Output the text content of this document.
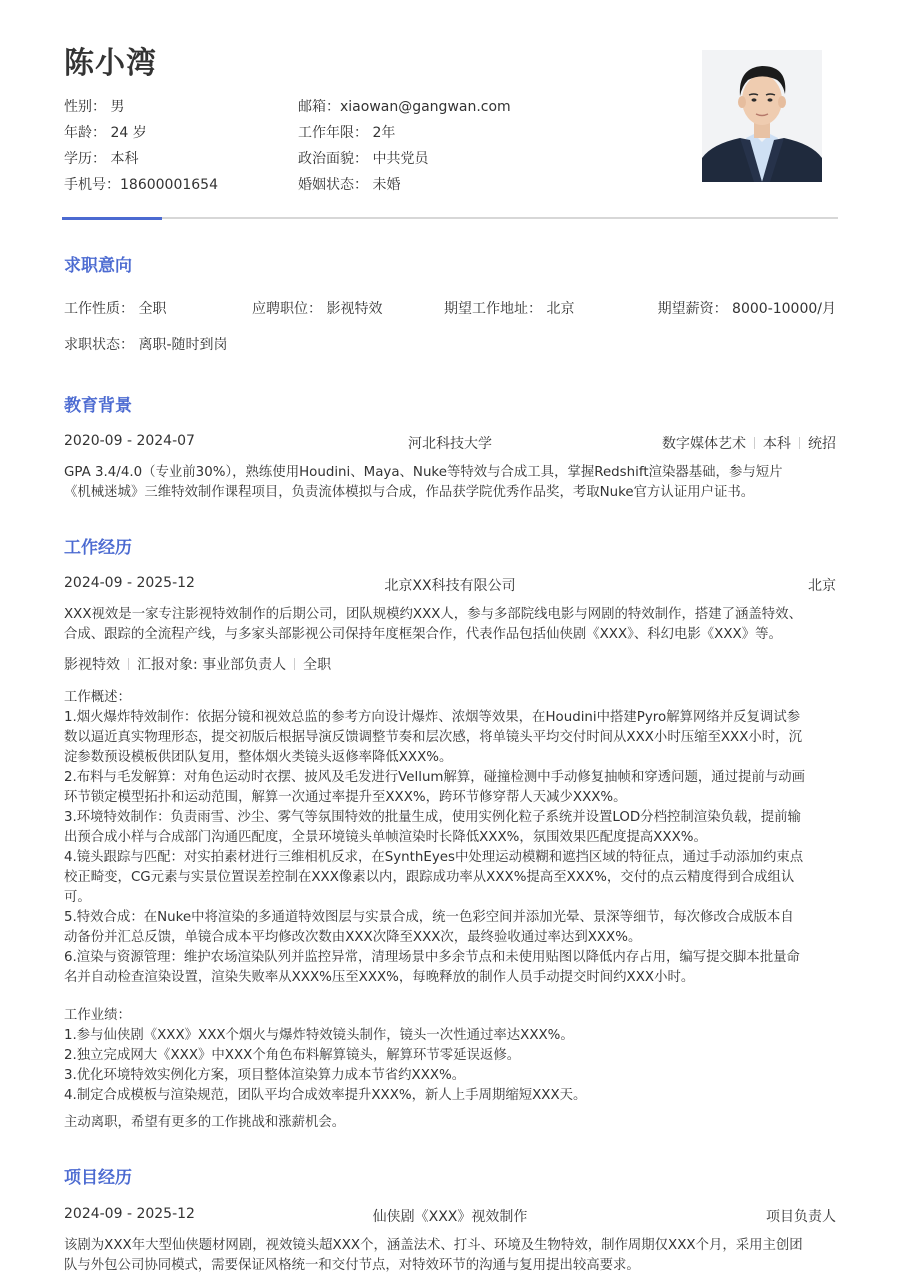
陈小湾
性别： 男
年龄： 24 岁
学历： 本科
手机号：18600001654
邮箱：xiaowan@gangwan.com
工作年限： 2年
政治面貌： 中共党员
婚姻状态： 未婚
求职意向
工作性质： 全职	应聘职位： 影视特效	期望工作地址： 北京	期望薪资： 8000-10000/月
求职状态： 离职-随时到岗
教育背景
2020-09 - 2024-07	河北科技大学	数字媒体艺术 本科 统招
GPA 3.4/4.0（专业前30%），熟练使用Houdini、Maya、Nuke等特效与合成工具，掌握Redshift渲染器基础，参与短片
《机械迷城》三维特效制作课程项目，负责流体模拟与合成，作品获学院优秀作品奖，考取Nuke官方认证用户证书。
工作经历
2024-09 - 2025-12	北京XX科技有限公司	北京
XXX视效是一家专注影视特效制作的后期公司，团队规模约XXX人，参与多部院线电影与网剧的特效制作，搭建了涵盖特效、
合成、跟踪的全流程产线，与多家头部影视公司保持年度框架合作，代表作品包括仙侠剧《XXX》、科幻电影《XXX》等。
影视特效 汇报对象: 事业部负责人 全职
工作概述：
1.烟火爆炸特效制作：依据分镜和视效总监的参考方向设计爆炸、浓烟等效果，在Houdini中搭建Pyro解算网络并反复调试参
数以逼近真实物理形态，提交初版后根据导演反馈调整节奏和层次感，将单镜头平均交付时间从XXX小时压缩至XXX小时，沉
淀参数预设模板供团队复用，整体烟火类镜头返修率降低XXX%。
2.布料与毛发解算：对角色运动时衣摆、披风及毛发进行Vellum解算，碰撞检测中手动修复抽帧和穿透问题，通过提前与动画
环节锁定模型拓扑和运动范围，解算一次通过率提升至XXX%，跨环节修穿帮人天减少XXX%。
3.环境特效制作：负责雨雪、沙尘、雾气等氛围特效的批量生成，使用实例化粒子系统并设置LOD分档控制渲染负载，提前输
出预合成小样与合成部门沟通匹配度，全景环境镜头单帧渲染时长降低XXX%，氛围效果匹配度提高XXX%。
4.镜头跟踪与匹配：对实拍素材进行三维相机反求，在SynthEyes中处理运动模糊和遮挡区域的特征点，通过手动添加约束点
校正畸变，CG元素与实景位置误差控制在XXX像素以内，跟踪成功率从XXX%提高至XXX%，交付的点云精度得到合成组认
可。
5.特效合成：在Nuke中将渲染的多通道特效图层与实景合成，统一色彩空间并添加光晕、景深等细节，每次修改合成版本自
动备份并汇总反馈，单镜合成本平均修改次数由XXX次降至XXX次，最终验收通过率达到XXX%。
6.渲染与资源管理：维护农场渲染队列并监控异常，清理场景中多余节点和未使用贴图以降低内存占用，编写提交脚本批量命
名并自动检查渲染设置，渲染失败率从XXX%压至XXX%，每晚释放的制作人员手动提交时间约XXX小时。
工作业绩：
1.参与仙侠剧《XXX》XXX个烟火与爆炸特效镜头制作，镜头一次性通过率达XXX%。
2.独立完成网大《XXX》中XXX个角色布料解算镜头，解算环节零延误返修。
3.优化环境特效实例化方案，项目整体渲染算力成本节省约XXX%。
4.制定合成模板与渲染规范，团队平均合成效率提升XXX%，新人上手周期缩短XXX天。
主动离职，希望有更多的工作挑战和涨薪机会。
项目经历
2024-09 - 2025-12	仙侠剧《XXX》视效制作	项目负责人
该剧为XXX年大型仙侠题材网剧，视效镜头超XXX个，涵盖法术、打斗、环境及生物特效，制作周期仅XXX个月，采用主创团
队与外包公司协同模式，需要保证风格统一和交付节点，对特效环节的沟通与复用提出较高要求。
